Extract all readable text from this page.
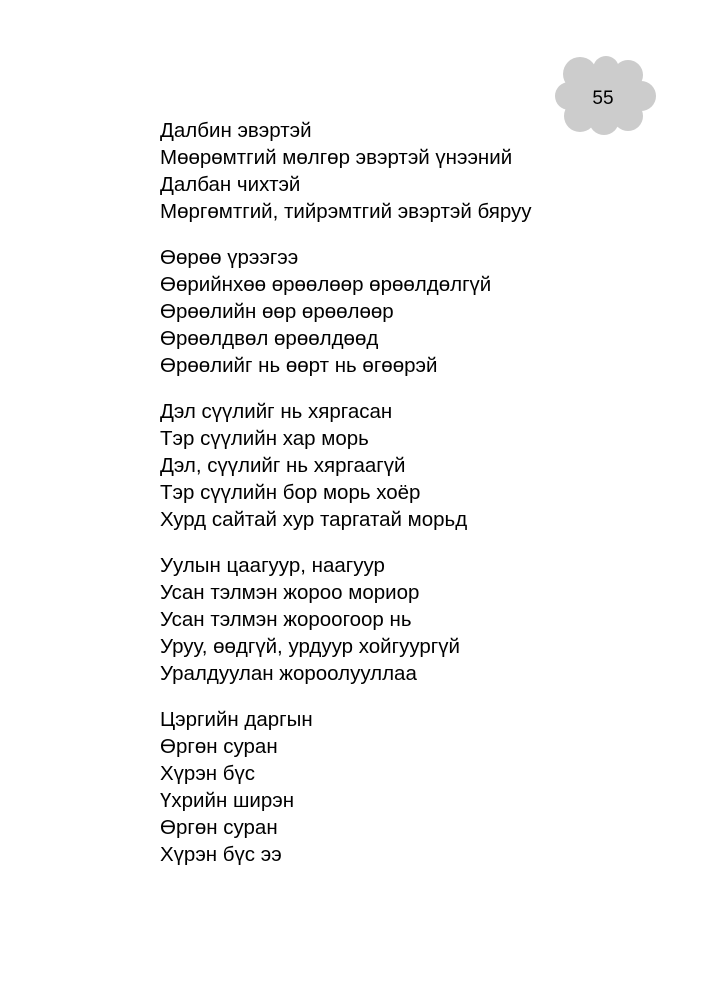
55
Далбин эвэртэй
Мөөрөмтгий мөлгөр эвэртэй үнээний
Далбан чихтэй
Мөргөмтгий, тийрэмтгий эвэртэй бяруу
Өөрөө үрээгээ
Өөрийнхөө өрөөлөөр өрөөлдөлгүй
Өрөөлийн өөр өрөөлөөр
Өрөөлдвөл өрөөлдөөд
Өрөөлийг нь өөрт нь өгөөрэй
Дэл сүүлийг нь хяргасан
Тэр сүүлийн хар морь
Дэл, сүүлийг нь хяргаагүй
Тэр сүүлийн бор морь хоёр
Хурд сайтай хур таргатай морьд
Уулын цаагуур, наагуур
Усан тэлмэн жороо мориор
Усан тэлмэн жороогоор нь
Уруу, өөдгүй, урдуур хойгуургүй
Уралдуулан жороолууллаа
Цэргийн даргын
Өргөн суран
Хүрэн бүс
Үхрийн ширэн
Өргөн суран
Хүрэн бүс ээ
